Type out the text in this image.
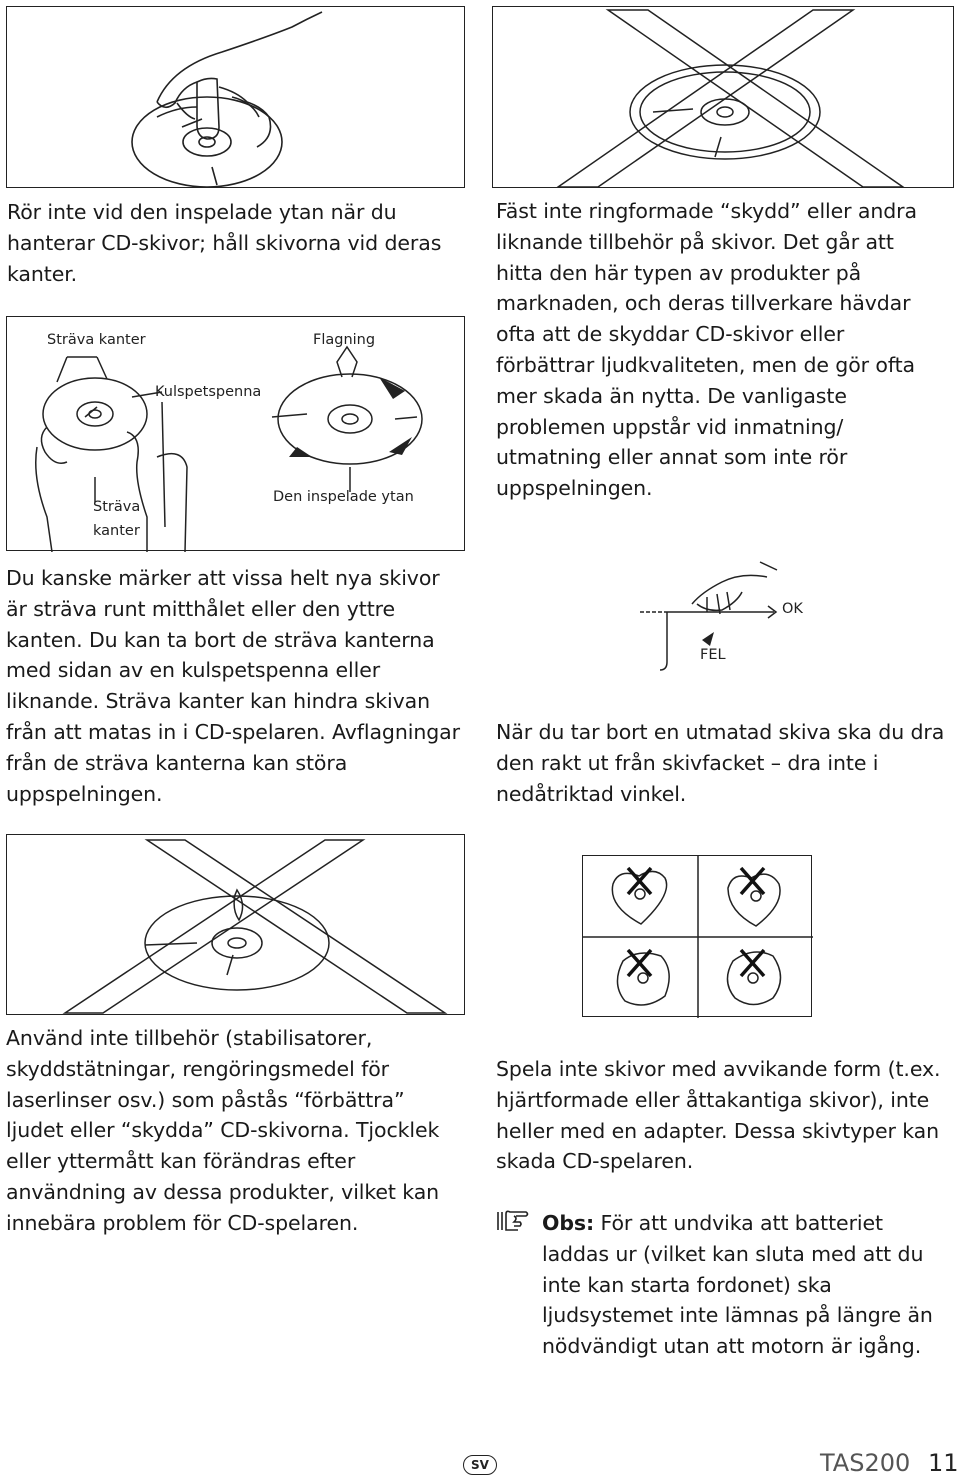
Rör inte vid den inspelade ytan när du hanterar CD-skivor; håll skivorna vid deras kanter.
Sträva kanter
Kulspetspenna
Flagning
Sträva
kanter
Den inspelade ytan
Du kanske märker att vissa helt nya skivor är sträva runt mitthålet eller den yttre kanten. Du kan ta bort de sträva kanterna med sidan av en kulspetspenna eller liknande. Sträva kanter kan hindra skivan från att matas in i CD-spelaren. Avflagningar från de sträva kanterna kan störa uppspelningen.
Använd inte tillbehör (stabilisatorer, skyddstätningar, rengöringsmedel för laserlinser osv.) som påstås “förbättra” ljudet eller “skydda” CD-skivorna. Tjocklek eller yttermått kan förändras efter användning av dessa produkter, vilket kan innebära problem för CD-spelaren.
Fäst inte ringformade “skydd” eller andra liknande tillbehör på skivor. Det går att hitta den här typen av produkter på marknaden, och deras tillverkare hävdar ofta att de skyddar CD-skivor eller förbättrar ljudkvaliteten, men de gör ofta mer skada än nytta. De vanligaste problemen uppstår vid inmatning/ utmatning eller annat som inte rör uppspelningen.
OK
FEL
När du tar bort en utmatad skiva ska du dra den rakt ut från skivfacket – dra inte i nedåtriktad vinkel.
Spela inte skivor med avvikande form (t.ex. hjärtformade eller åttakantiga skivor), inte heller med en adapter. Dessa skivtyper kan skada CD-spelaren.
Obs: För att undvika att batteriet laddas ur (vilket kan sluta med att du inte kan starta fordonet) ska ljudsystemet inte lämnas på längre än nödvändigt utan att motorn är igång.
SV	TAS200 11
